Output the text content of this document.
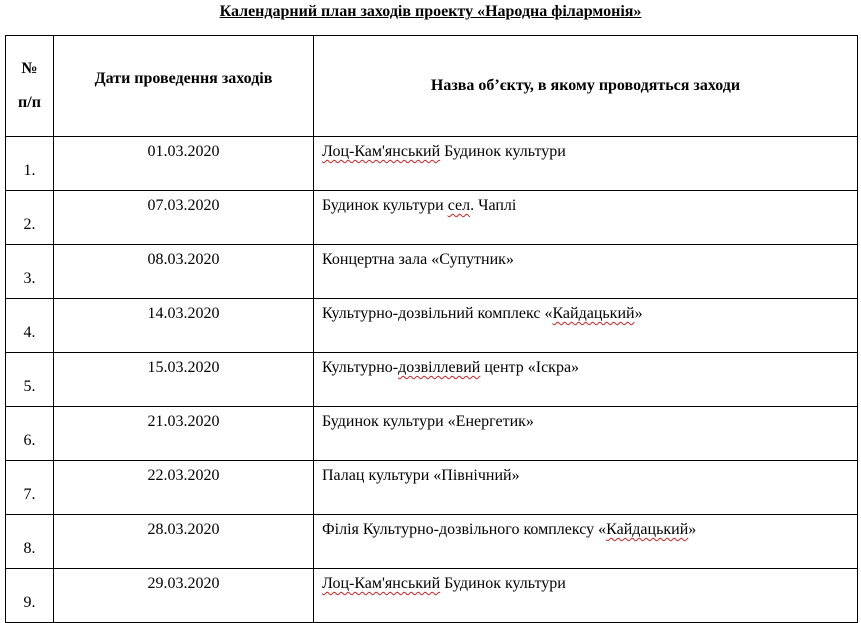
Календарний план заходів проекту «Народна філармонія»
№
п/п	Дати проведення заходів	Назва об’єкту, в якому проводяться заходи
1.	01.03.2020	Лоц-Кам'янський Будинок культури
2.	07.03.2020	Будинок культури сел. Чаплі
3.	08.03.2020	Концертна зала «Супутник»
4.	14.03.2020	Культурно-дозвільний комплекс «Кайдацький»
5.	15.03.2020	Культурно-дозвіллевий центр «Іскра»
6.	21.03.2020	Будинок культури «Енергетик»
7.	22.03.2020	Палац культури «Північний»
8.	28.03.2020	Філія Культурно-дозвільного комплексу «Кайдацький»
9.	29.03.2020	Лоц-Кам'янський Будинок культури
